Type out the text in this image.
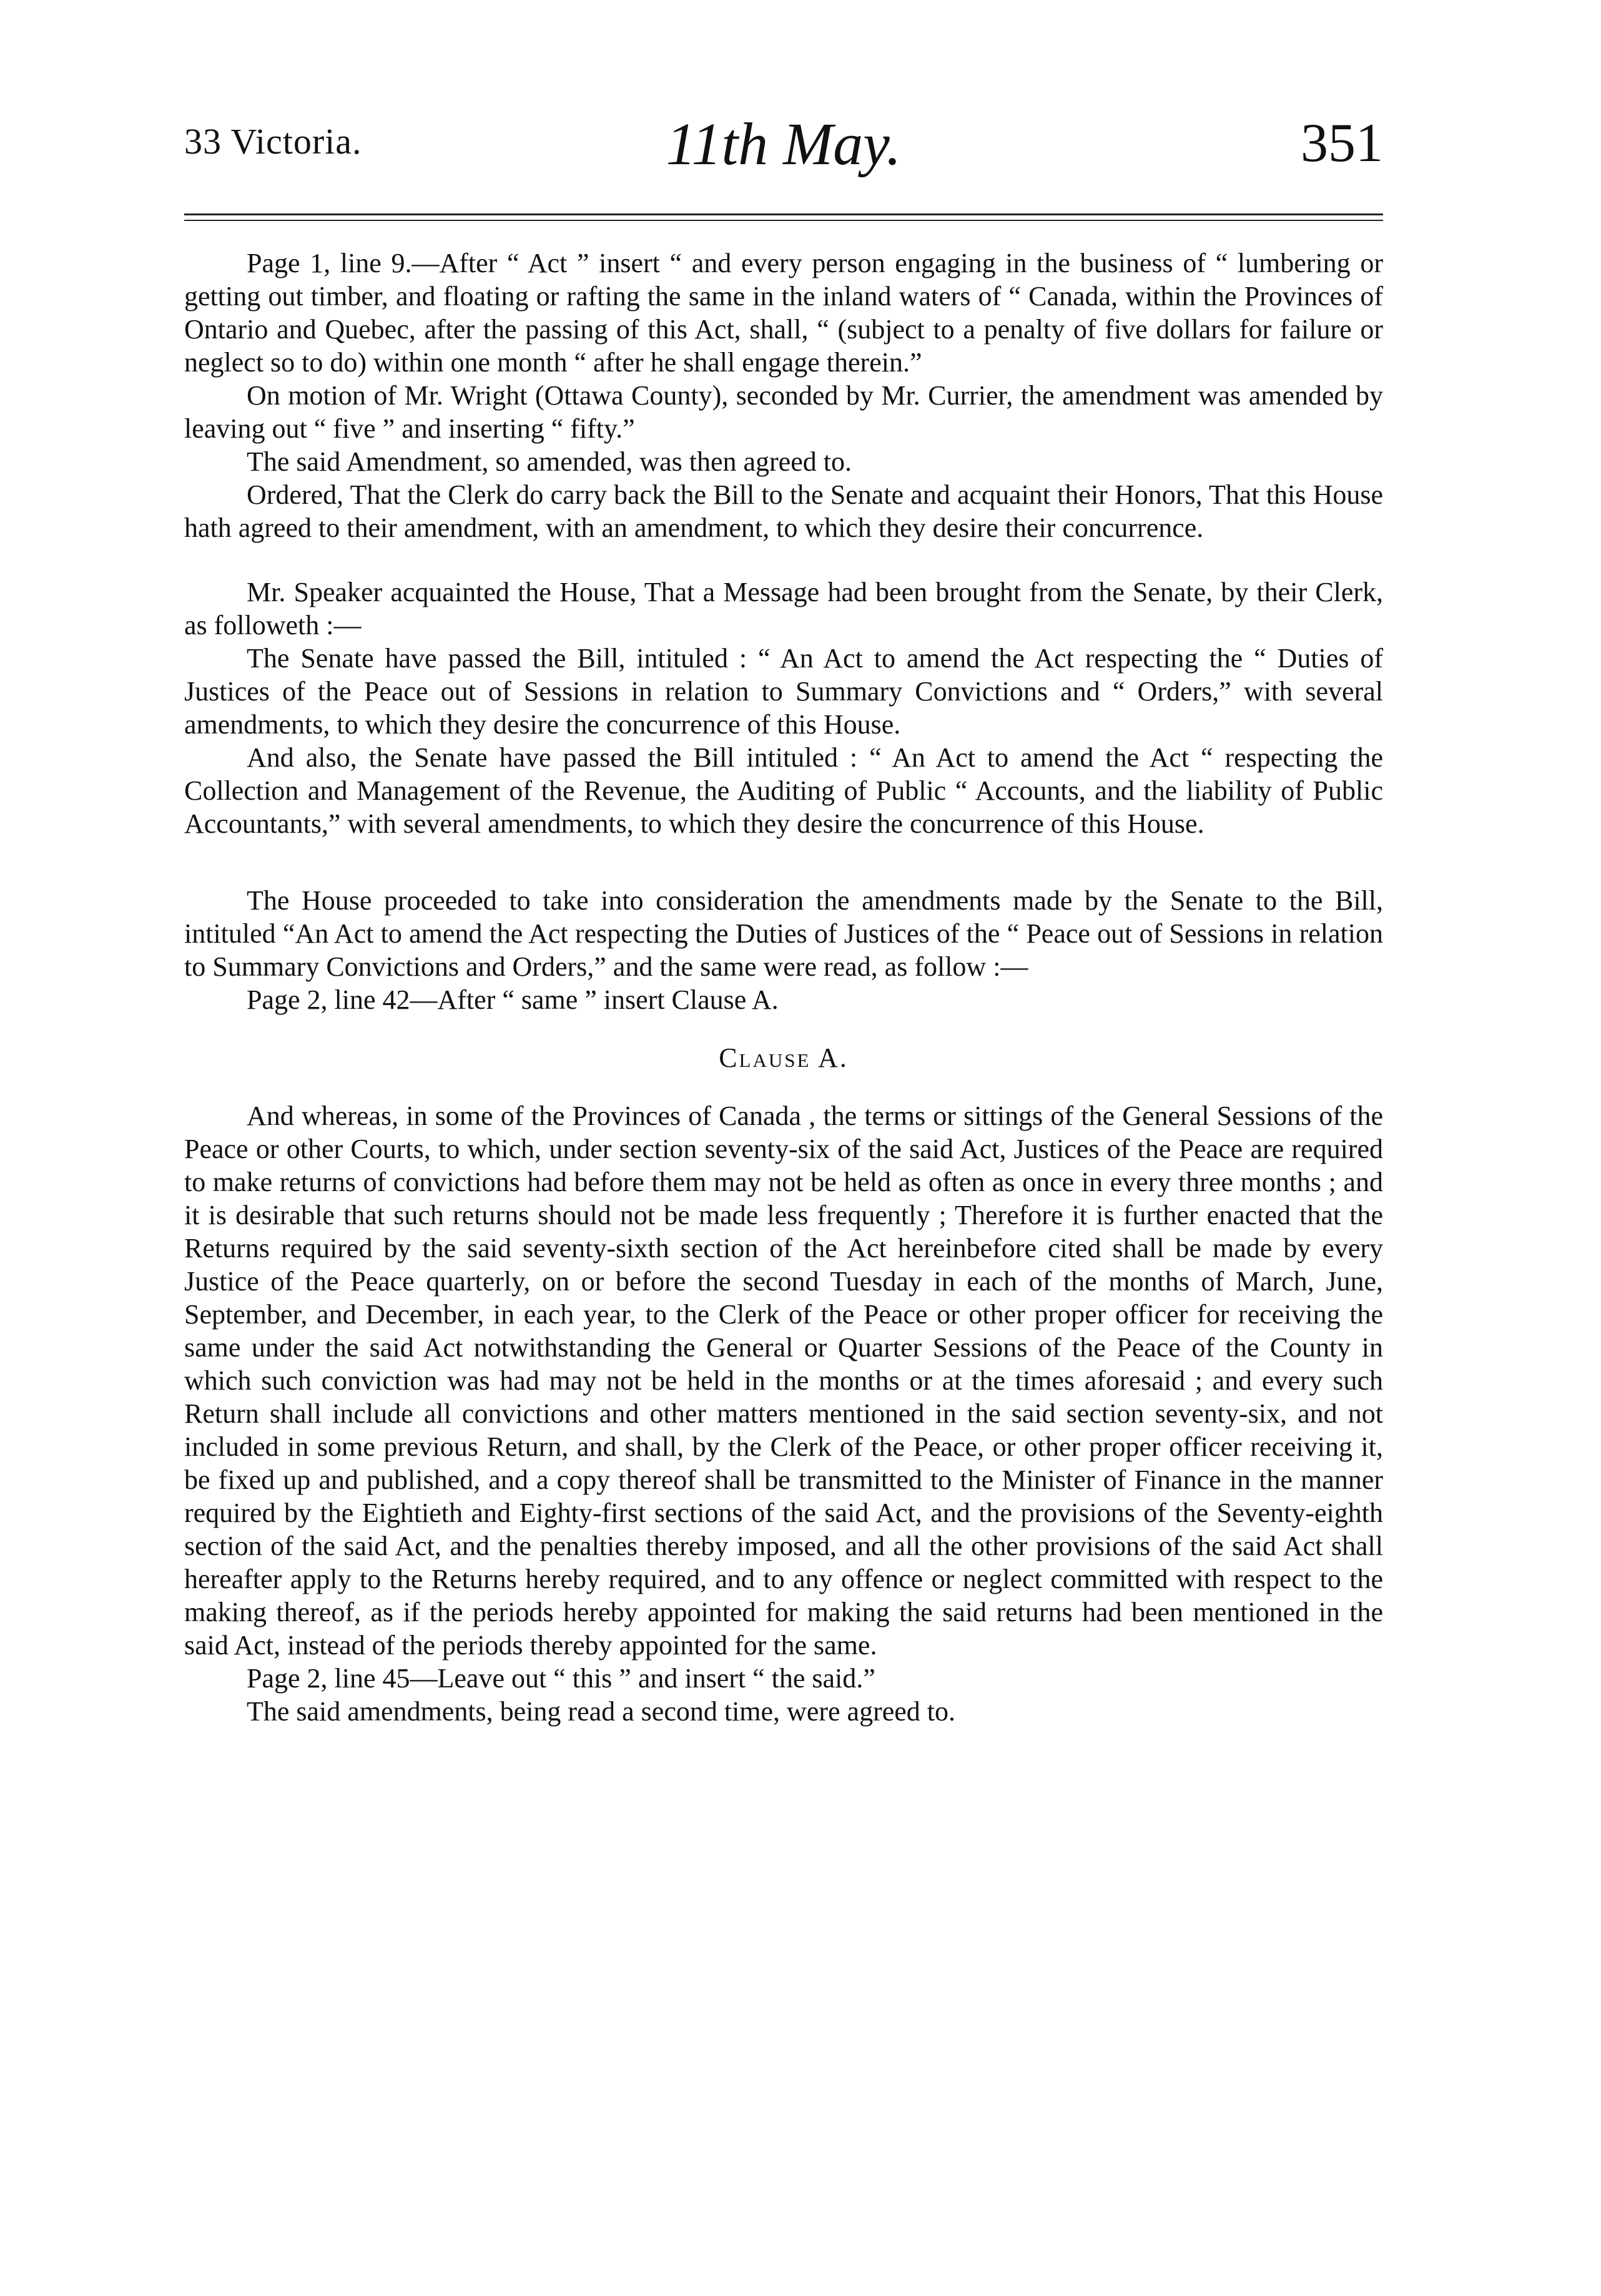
33 Victoria.	11th May.	351

Page 1, line 9.—After “ Act ” insert “ and every person engaging in the business of “ lumbering or getting out timber, and floating or rafting the same in the inland waters of “ Canada, within the Provinces of Ontario and Quebec, after the passing of this Act, shall, “ (subject to a penalty of five dollars for failure or neglect so to do) within one month “ after he shall engage therein.”

On motion of Mr. Wright (Ottawa County), seconded by Mr. Currier, the amendment was amended by leaving out “ five ” and inserting “ fifty.”

The said Amendment, so amended, was then agreed to.

Ordered, That the Clerk do carry back the Bill to the Senate and acquaint their Honors, That this House hath agreed to their amendment, with an amendment, to which they desire their concurrence.

Mr. Speaker acquainted the House, That a Message had been brought from the Senate, by their Clerk, as followeth :—

The Senate have passed the Bill, intituled : “ An Act to amend the Act respecting the “ Duties of Justices of the Peace out of Sessions in relation to Summary Convictions and “ Orders,” with several amendments, to which they desire the concurrence of this House.

And also, the Senate have passed the Bill intituled : “ An Act to amend the Act “ respecting the Collection and Management of the Revenue, the Auditing of Public “ Accounts, and the liability of Public Accountants,” with several amendments, to which they desire the concurrence of this House.

The House proceeded to take into consideration the amendments made by the Senate to the Bill, intituled “An Act to amend the Act respecting the Duties of Justices of the “ Peace out of Sessions in relation to Summary Convictions and Orders,” and the same were read, as follow :—

Page 2, line 42—After “ same ” insert Clause A.

Clause A.

And whereas, in some of the Provinces of Canada , the terms or sittings of the General Sessions of the Peace or other Courts, to which, under section seventy-six of the said Act, Justices of the Peace are required to make returns of convictions had before them may not be held as often as once in every three months ; and it is desirable that such returns should not be made less frequently ; Therefore it is further enacted that the Returns required by the said seventy-sixth section of the Act hereinbefore cited shall be made by every Justice of the Peace quarterly, on or before the second Tuesday in each of the months of March, June, September, and December, in each year, to the Clerk of the Peace or other proper officer for receiving the same under the said Act notwithstanding the General or Quarter Sessions of the Peace of the County in which such conviction was had may not be held in the months or at the times aforesaid ; and every such Return shall include all convictions and other matters mentioned in the said section seventy-six, and not included in some previous Return, and shall, by the Clerk of the Peace, or other proper officer receiving it, be fixed up and published, and a copy thereof shall be transmitted to the Minister of Finance in the manner required by the Eightieth and Eighty-first sections of the said Act, and the provisions of the Seventy-eighth section of the said Act, and the penalties thereby imposed, and all the other provisions of the said Act shall hereafter apply to the Returns hereby required, and to any offence or neglect committed with respect to the making thereof, as if the periods hereby appointed for making the said returns had been mentioned in the said Act, instead of the periods thereby appointed for the same.

Page 2, line 45—Leave out “ this ” and insert “ the said.”

The said amendments, being read a second time, were agreed to.
